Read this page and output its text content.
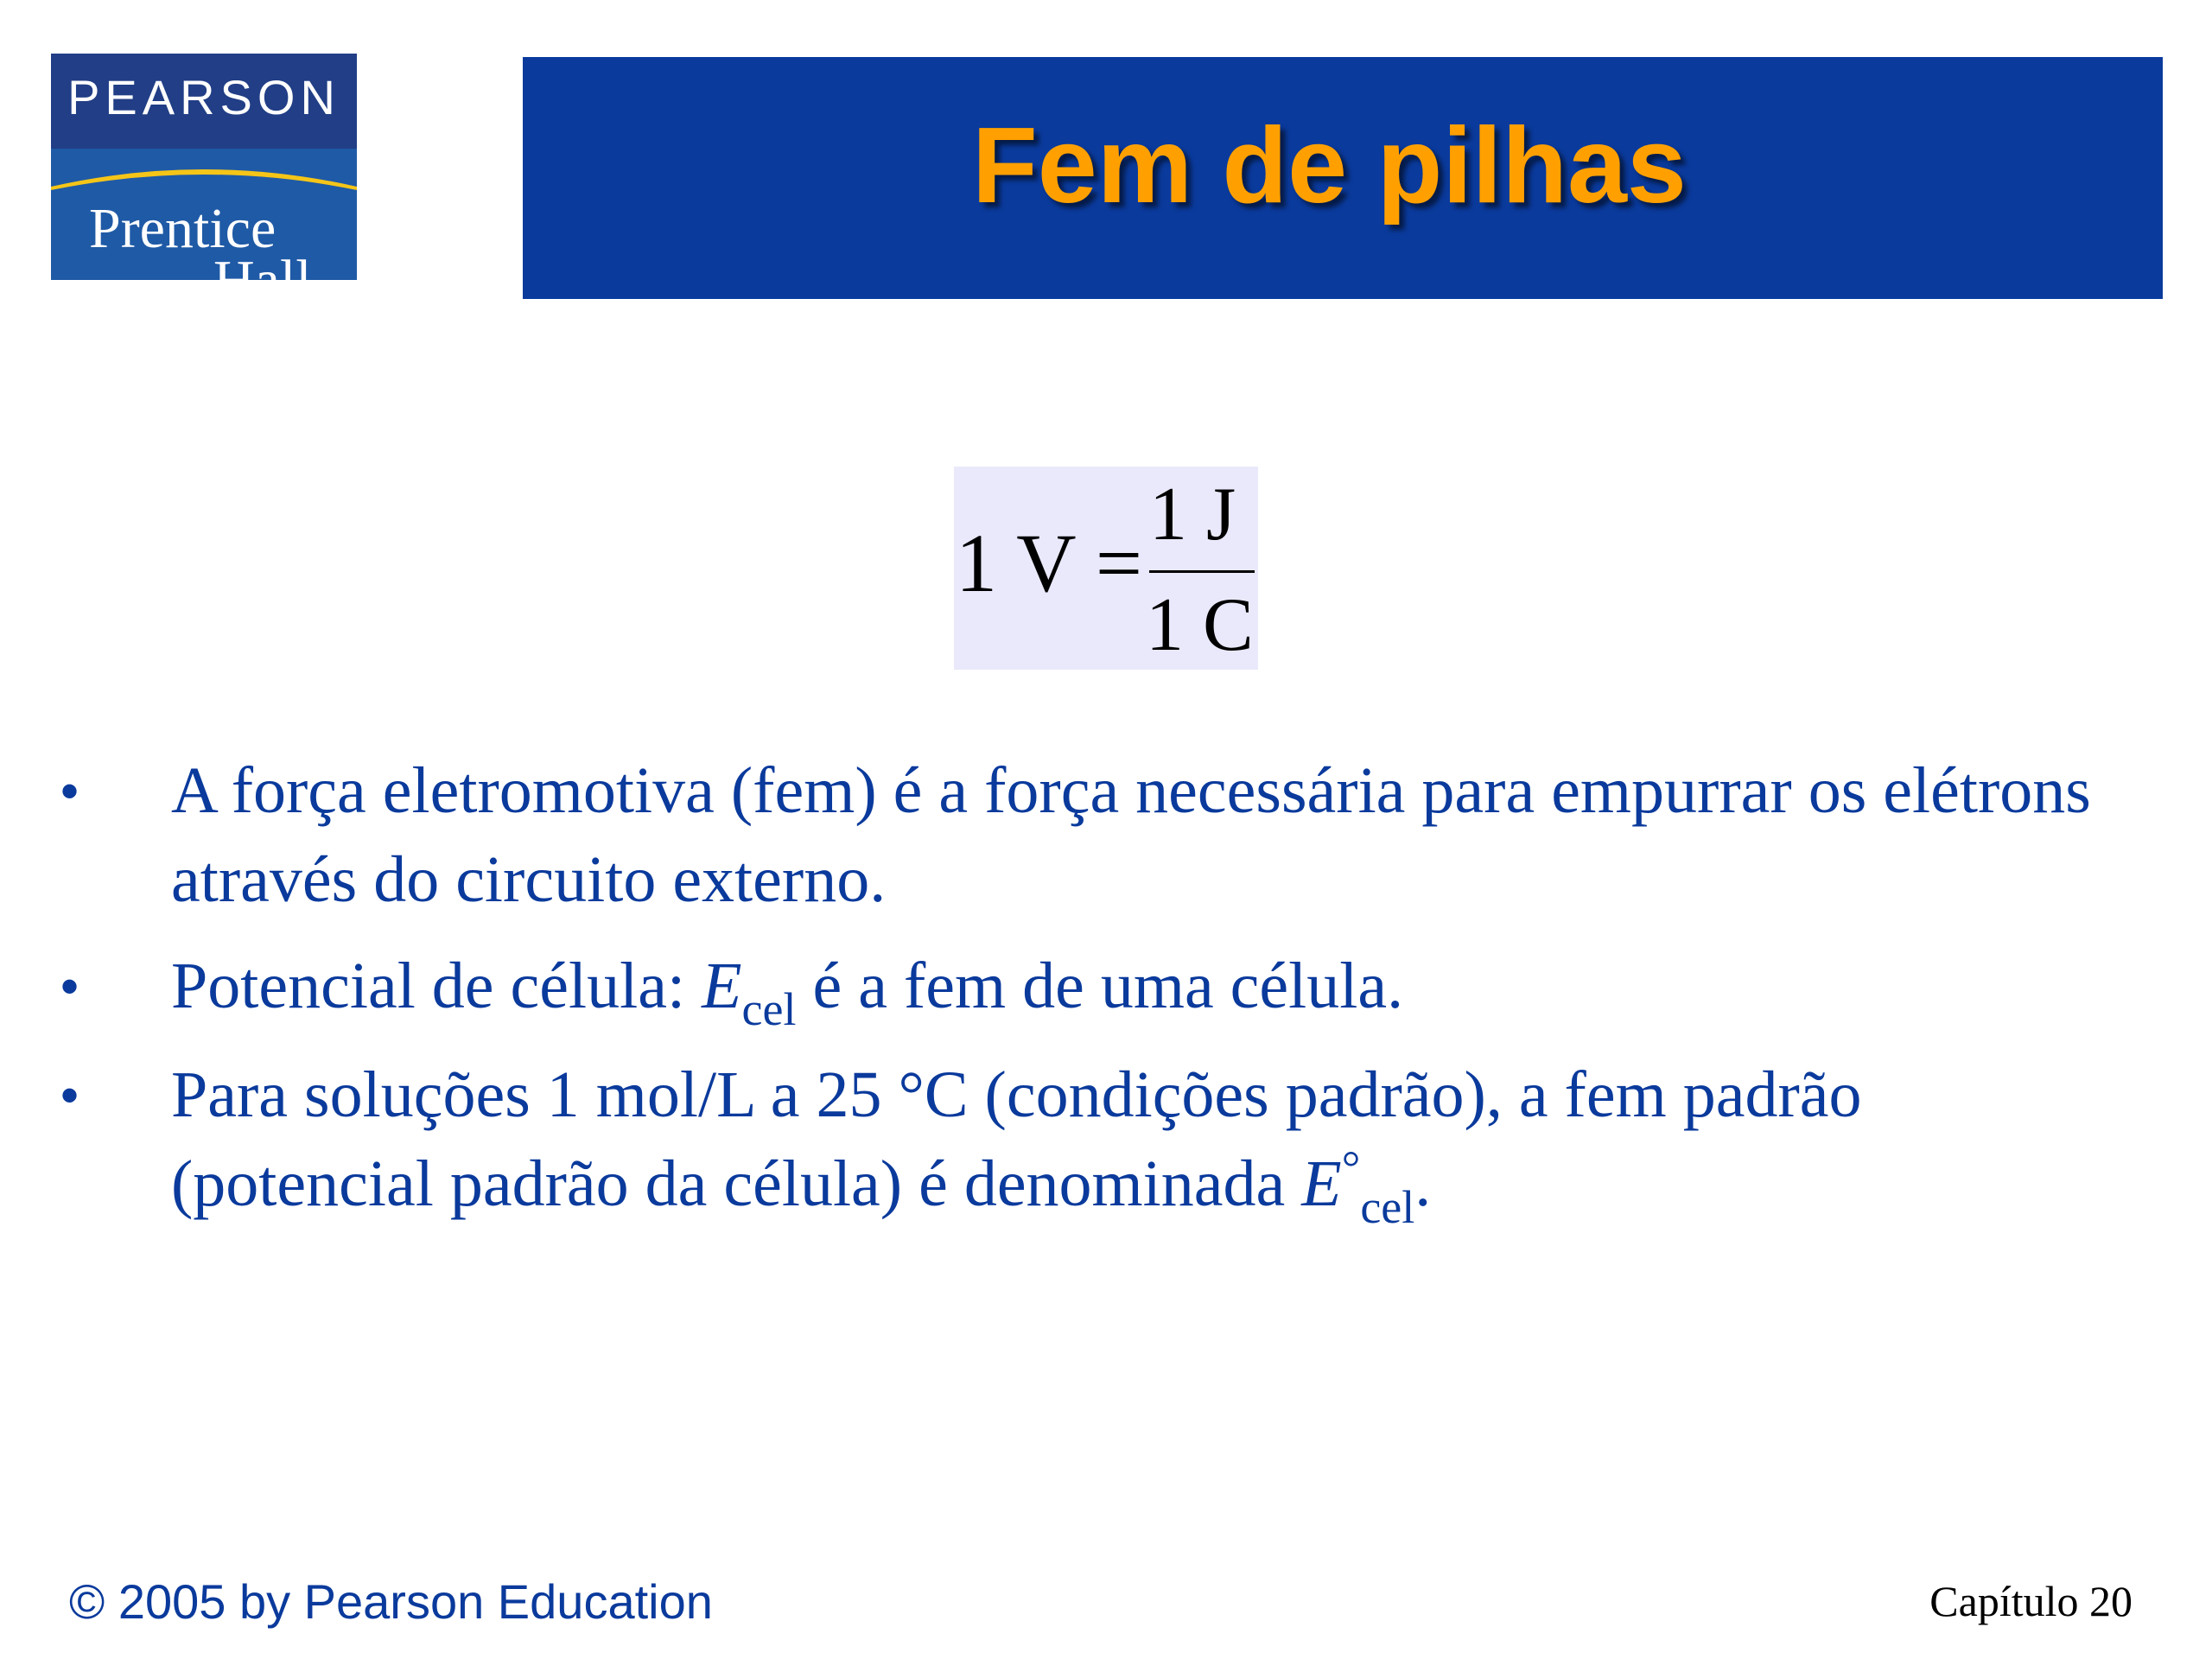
PEARSON
Prentice
Hall
Fem de pilhas
1 V =
1 J
1 C
• A força eletromotiva (fem) é a força necessária para empurrar os elétrons através do circuito externo.
• Potencial de célula: $E_{cel}$ é a fem de uma célula.
• Para soluções 1 mol/L a 25 °C (condições padrão), a fem padrão (potencial padrão da célula) é denominada $E^\circ_{cel}$.
© 2005 by Pearson Education	Capítulo 20
